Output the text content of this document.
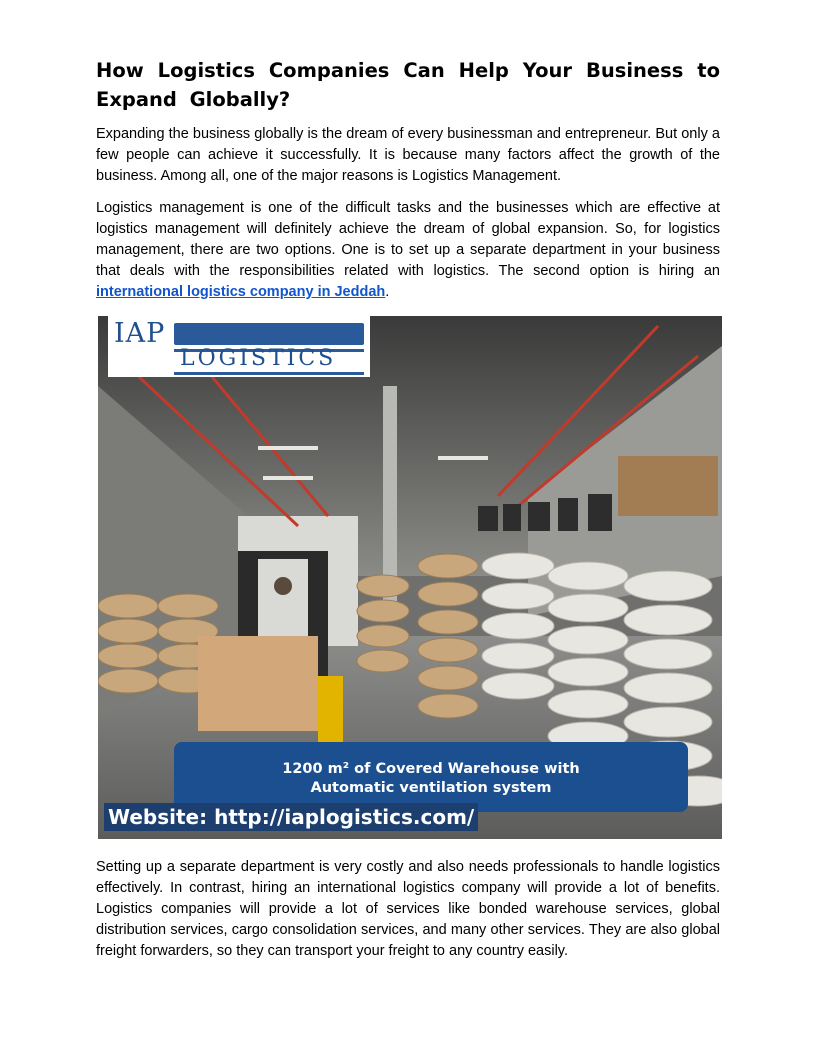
How Logistics Companies Can Help Your Business to Expand Globally?

Expanding the business globally is the dream of every businessman and entrepreneur. But only a few people can achieve it successfully. It is because many factors affect the growth of the business. Among all, one of the major reasons is Logistics Management.

Logistics management is one of the difficult tasks and the businesses which are effective at logistics management will definitely achieve the dream of global expansion. So, for logistics management, there are two options. One is to set up a separate department in your business that deals with the responsibilities related with logistics. The second option is hiring an international logistics company in Jeddah.

IAP
LOGISTICS
1200 m² of Covered Warehouse with
Automatic ventilation system
Website: http://iaplogistics.com/

Setting up a separate department is very costly and also needs professionals to handle logistics effectively. In contrast, hiring an international logistics company will provide a lot of benefits. Logistics companies will provide a lot of services like bonded warehouse services, global distribution services, cargo consolidation services, and many other services. They are also global freight forwarders, so they can transport your freight to any country easily.
